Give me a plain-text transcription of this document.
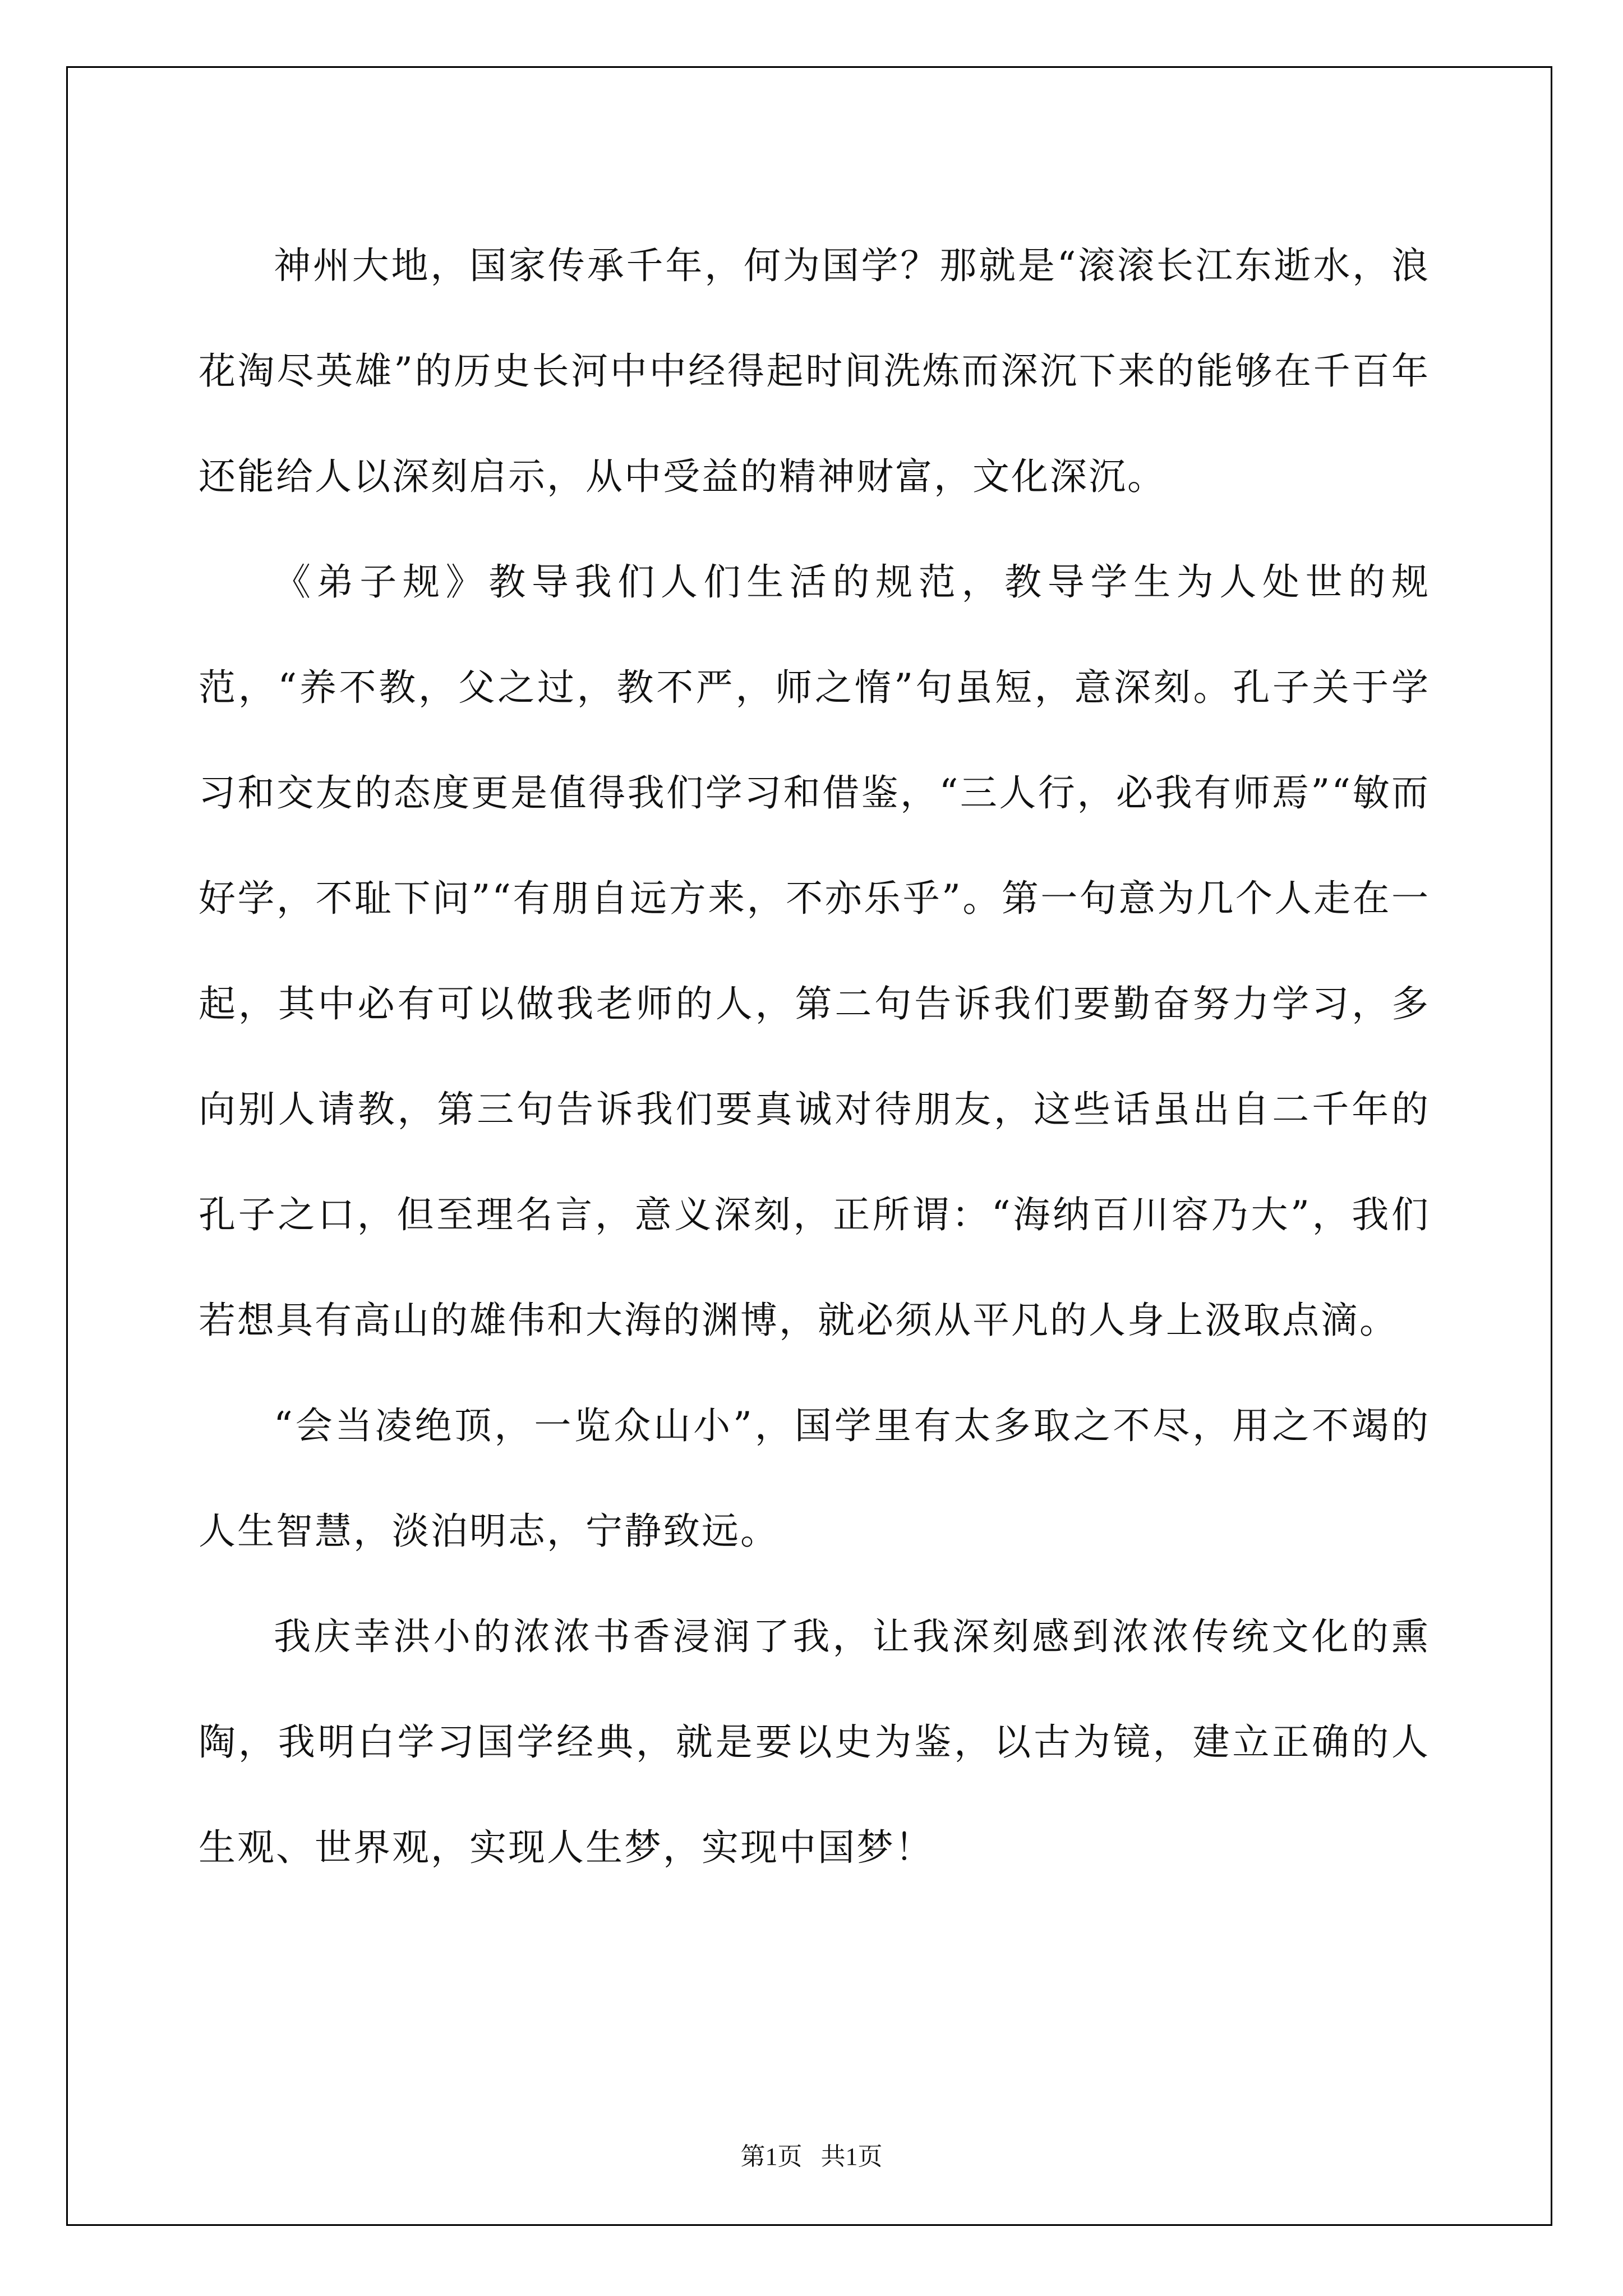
神州大地，国家传承千年，何为国学？那就是“滚滚长江东逝水，浪花淘尽英雄”的历史长河中中经得起时间洗炼而深沉下来的能够在千百年还能给人以深刻启示，从中受益的精神财富，文化深沉。

《弟子规》教导我们人们生活的规范，教导学生为人处世的规范，“养不教，父之过，教不严，师之惰”句虽短，意深刻。孔子关于学习和交友的态度更是值得我们学习和借鉴，“三人行，必我有师焉”“敏而好学，不耻下问”“有朋自远方来，不亦乐乎”。第一句意为几个人走在一起，其中必有可以做我老师的人，第二句告诉我们要勤奋努力学习，多向别人请教，第三句告诉我们要真诚对待朋友，这些话虽出自二千年的孔子之口，但至理名言，意义深刻，正所谓：“海纳百川容乃大”，我们若想具有高山的雄伟和大海的渊博，就必须从平凡的人身上汲取点滴。

“会当凌绝顶，一览众山小”，国学里有太多取之不尽，用之不竭的人生智慧，淡泊明志，宁静致远。

我庆幸洪小的浓浓书香浸润了我，让我深刻感到浓浓传统文化的熏陶，我明白学习国学经典，就是要以史为鉴，以古为镜，建立正确的人生观、世界观，实现人生梦，实现中国梦！

第1页   共1页
